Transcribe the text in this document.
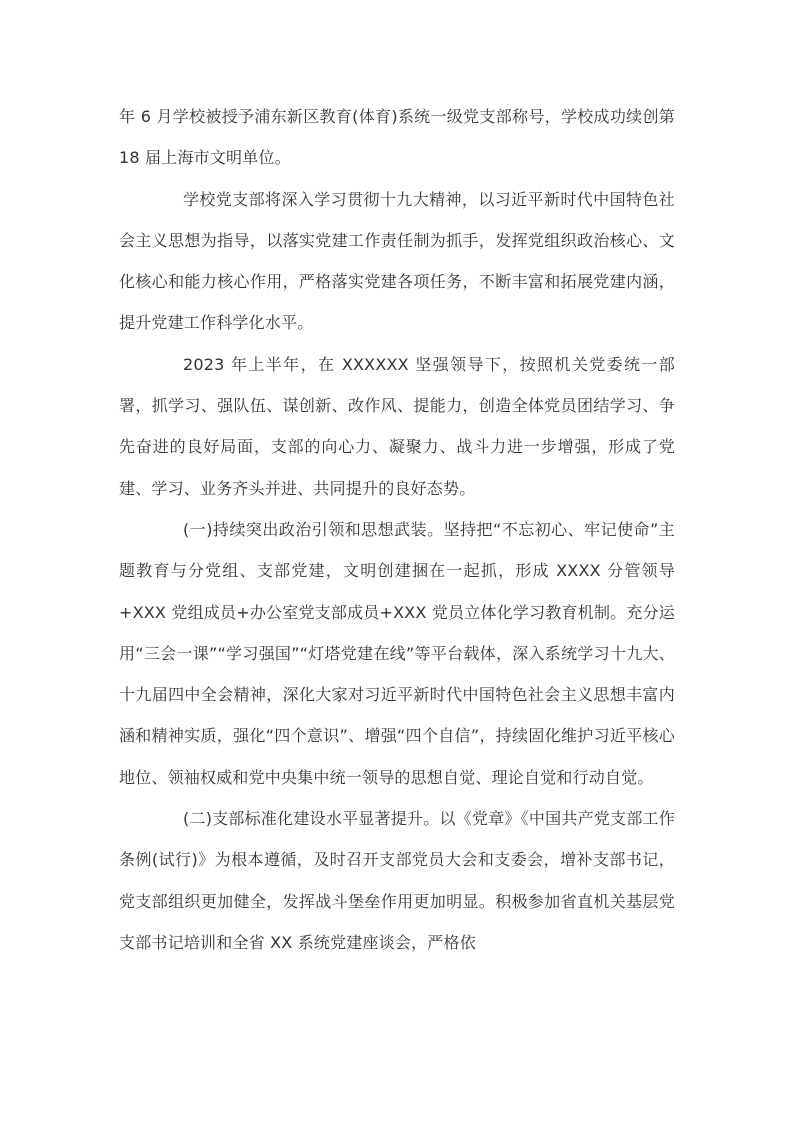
年 6 月学校被授予浦东新区教育(体育)系统一级党支部称号，学校成功续创第 18 届上海市文明单位。

学校党支部将深入学习贯彻十九大精神，以习近平新时代中国特色社会主义思想为指导，以落实党建工作责任制为抓手，发挥党组织政治核心、文化核心和能力核心作用，严格落实党建各项任务，不断丰富和拓展党建内涵，提升党建工作科学化水平。

2023 年上半年，在 XXXXXX 坚强领导下，按照机关党委统一部署，抓学习、强队伍、谋创新、改作风、提能力，创造全体党员团结学习、争先奋进的良好局面，支部的向心力、凝聚力、战斗力进一步增强，形成了党建、学习、业务齐头并进、共同提升的良好态势。

(一)持续突出政治引领和思想武装。坚持把“不忘初心、牢记使命”主题教育与分党组、支部党建，文明创建捆在一起抓，形成 XXXX 分管领导+XXX 党组成员+办公室党支部成员+XXX 党员立体化学习教育机制。充分运用“三会一课”“学习强国”“灯塔党建在线”等平台载体，深入系统学习十九大、十九届四中全会精神，深化大家对习近平新时代中国特色社会主义思想丰富内涵和精神实质，强化“四个意识”、增强“四个自信”，持续固化维护习近平核心地位、领袖权威和党中央集中统一领导的思想自觉、理论自觉和行动自觉。

(二)支部标准化建设水平显著提升。以《党章》《中国共产党支部工作条例(试行)》为根本遵循，及时召开支部党员大会和支委会，增补支部书记，党支部组织更加健全，发挥战斗堡垒作用更加明显。积极参加省直机关基层党支部书记培训和全省 XX 系统党建座谈会，严格依
